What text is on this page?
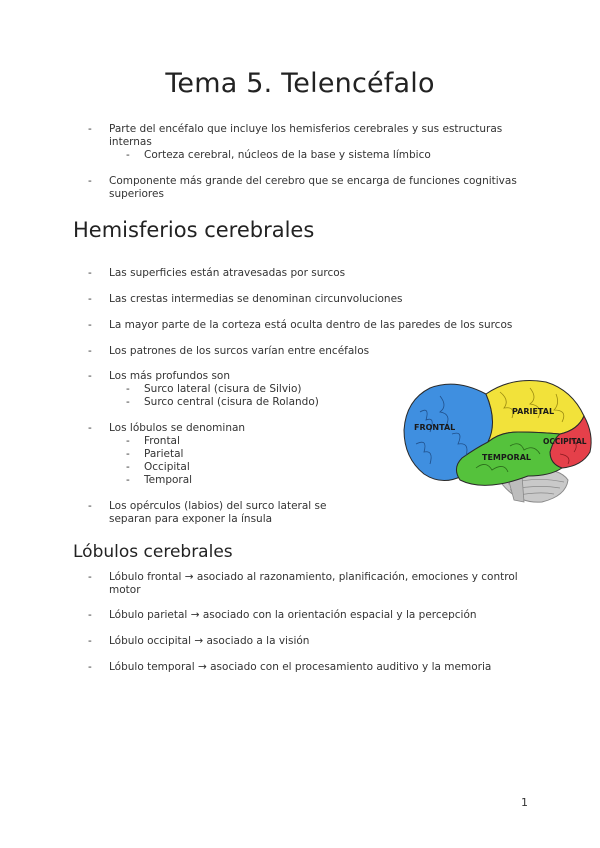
Tema 5. Telencéfalo
- Parte del encéfalo que incluye los hemisferios cerebrales y sus estructuras internas
- Corteza cerebral, núcleos de la base y sistema límbico
- Componente más grande del cerebro que se encarga de funciones cognitivas superiores
Hemisferios cerebrales
- Las superficies están atravesadas por surcos
- Las crestas intermedias se denominan circunvoluciones
- La mayor parte de la corteza está oculta dentro de las paredes de los surcos
- Los patrones de los surcos varían entre encéfalos
- Los más profundos son
- Surco lateral (cisura de Silvio)
- Surco central (cisura de Rolando)
- Los lóbulos se denominan
- Frontal
- Parietal
- Occipital
- Temporal
- Los opérculos (labios) del surco lateral se separan para exponer la ínsula
FRONTAL
PARIETAL
OCCIPITAL
TEMPORAL
Lóbulos cerebrales
- Lóbulo frontal → asociado al razonamiento, planificación, emociones y control motor
- Lóbulo parietal → asociado con la orientación espacial y la percepción
- Lóbulo occipital → asociado a la visión
- Lóbulo temporal → asociado con el procesamiento auditivo y la memoria
1
